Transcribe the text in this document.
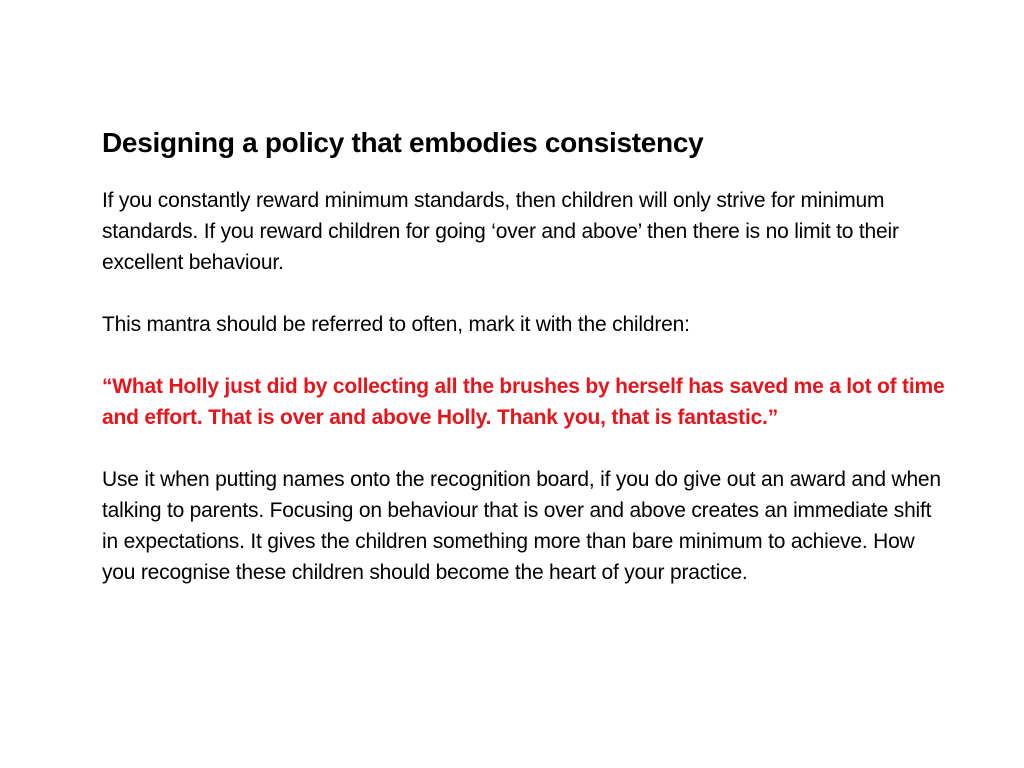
Designing a policy that embodies consistency

If you constantly reward minimum standards, then children will only strive for minimum standards. If you reward children for going ‘over and above’ then there is no limit to their excellent behaviour.

This mantra should be referred to often, mark it with the children:

“What Holly just did by collecting all the brushes by herself has saved me a lot of time and effort. That is over and above Holly. Thank you, that is fantastic.”

Use it when putting names onto the recognition board, if you do give out an award and when talking to parents. Focusing on behaviour that is over and above creates an immediate shift in expectations. It gives the children something more than bare minimum to achieve. How you recognise these children should become the heart of your practice.
